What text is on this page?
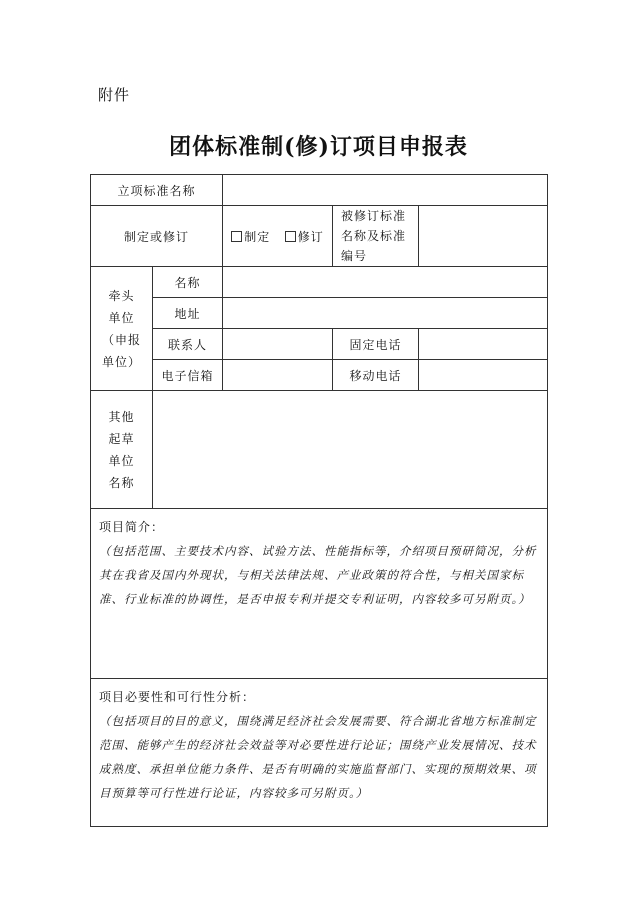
附件
团体标准制(修)订项目申报表
立项标准名称				
制定或修订		制定 修订	被修订标准名称及标准编号	
牵头
单位
（申报
单位）	名称			
	地址			
	联系人		固定电话	
	电子信箱		移动电话	
其他
起草
单位
名称				
项目简介：
（包括范围、主要技术内容、试验方法、性能指标等，介绍项目预研简况，分析其在我省及国内外现状，与相关法律法规、产业政策的符合性，与相关国家标准、行业标准的协调性，是否申报专利并提交专利证明，内容较多可另附页。）				

项目必要性和可行性分析：
（包括项目的目的意义，围绕满足经济社会发展需要、符合湖北省地方标准制定范围、能够产生的经济社会效益等对必要性进行论证；围绕产业发展情况、技术成熟度、承担单位能力条件、是否有明确的实施监督部门、实现的预期效果、项目预算等可行性进行论证，内容较多可另附页。）				
